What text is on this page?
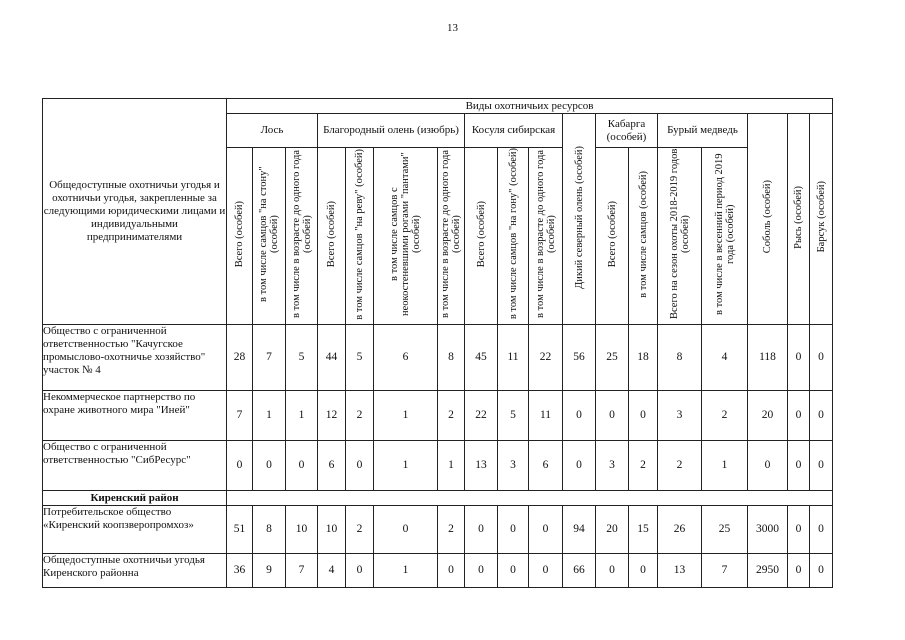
13
Общедоступные охотничьи угодья и охотничьи угодья, закрепленные за следующими юридическими лицами и индивидуальными предпринимателями	Виды охотничьих ресурсов																	
	Лось			Благородный олень (изюбрь)				Косуля сибирская			Дикий северный олень (особей)	Кабарга (особей)		Бурый медведь		Соболь (особей)	Рысь (особей)	Барсук (особей)
	Всего (особей)	в том числе самцов "на стону" (особей)	в том числе в возрасте до одного года (особей)	Всего (особей)	в том числе самцов "на реву" (особей)	в том числе самцов с неокостеневшими рогами "пантами" (особей)	в том числе в возрасте до одного года (особей)	Всего (особей)	в том числе самцов "на гону" (особей)	в том числе в возрасте до одного года (особей)		Всего (особей)	в том числе самцов (особей)	Всего на сезон охоты 2018-2019 годов (особей)	в том числе в весенний период 2019 года (особей)			
Общество с ограниченной ответственностью "Качугское промыслово-охотничье хозяйство" участок № 4	28	7	5	44	5	6	8	45	11	22	56	25	18	8	4	118	0	0
Некоммерческое партнерство по охране животного мира "Иней"	7	1	1	12	2	1	2	22	5	11	0	0	0	3	2	20	0	0
Общество с ограниченной ответственностью "СибРесурс"	0	0	0	6	0	1	1	13	3	6	0	3	2	2	1	0	0	0
Киренский район																		
Потребительское общество «Киренский коопзверопромхоз»	51	8	10	10	2	0	2	0	0	0	94	20	15	26	25	3000	0	0
Общедоступные охотничьи угодья Киренского районна	36	9	7	4	0	1	0	0	0	0	66	0	0	13	7	2950	0	0
